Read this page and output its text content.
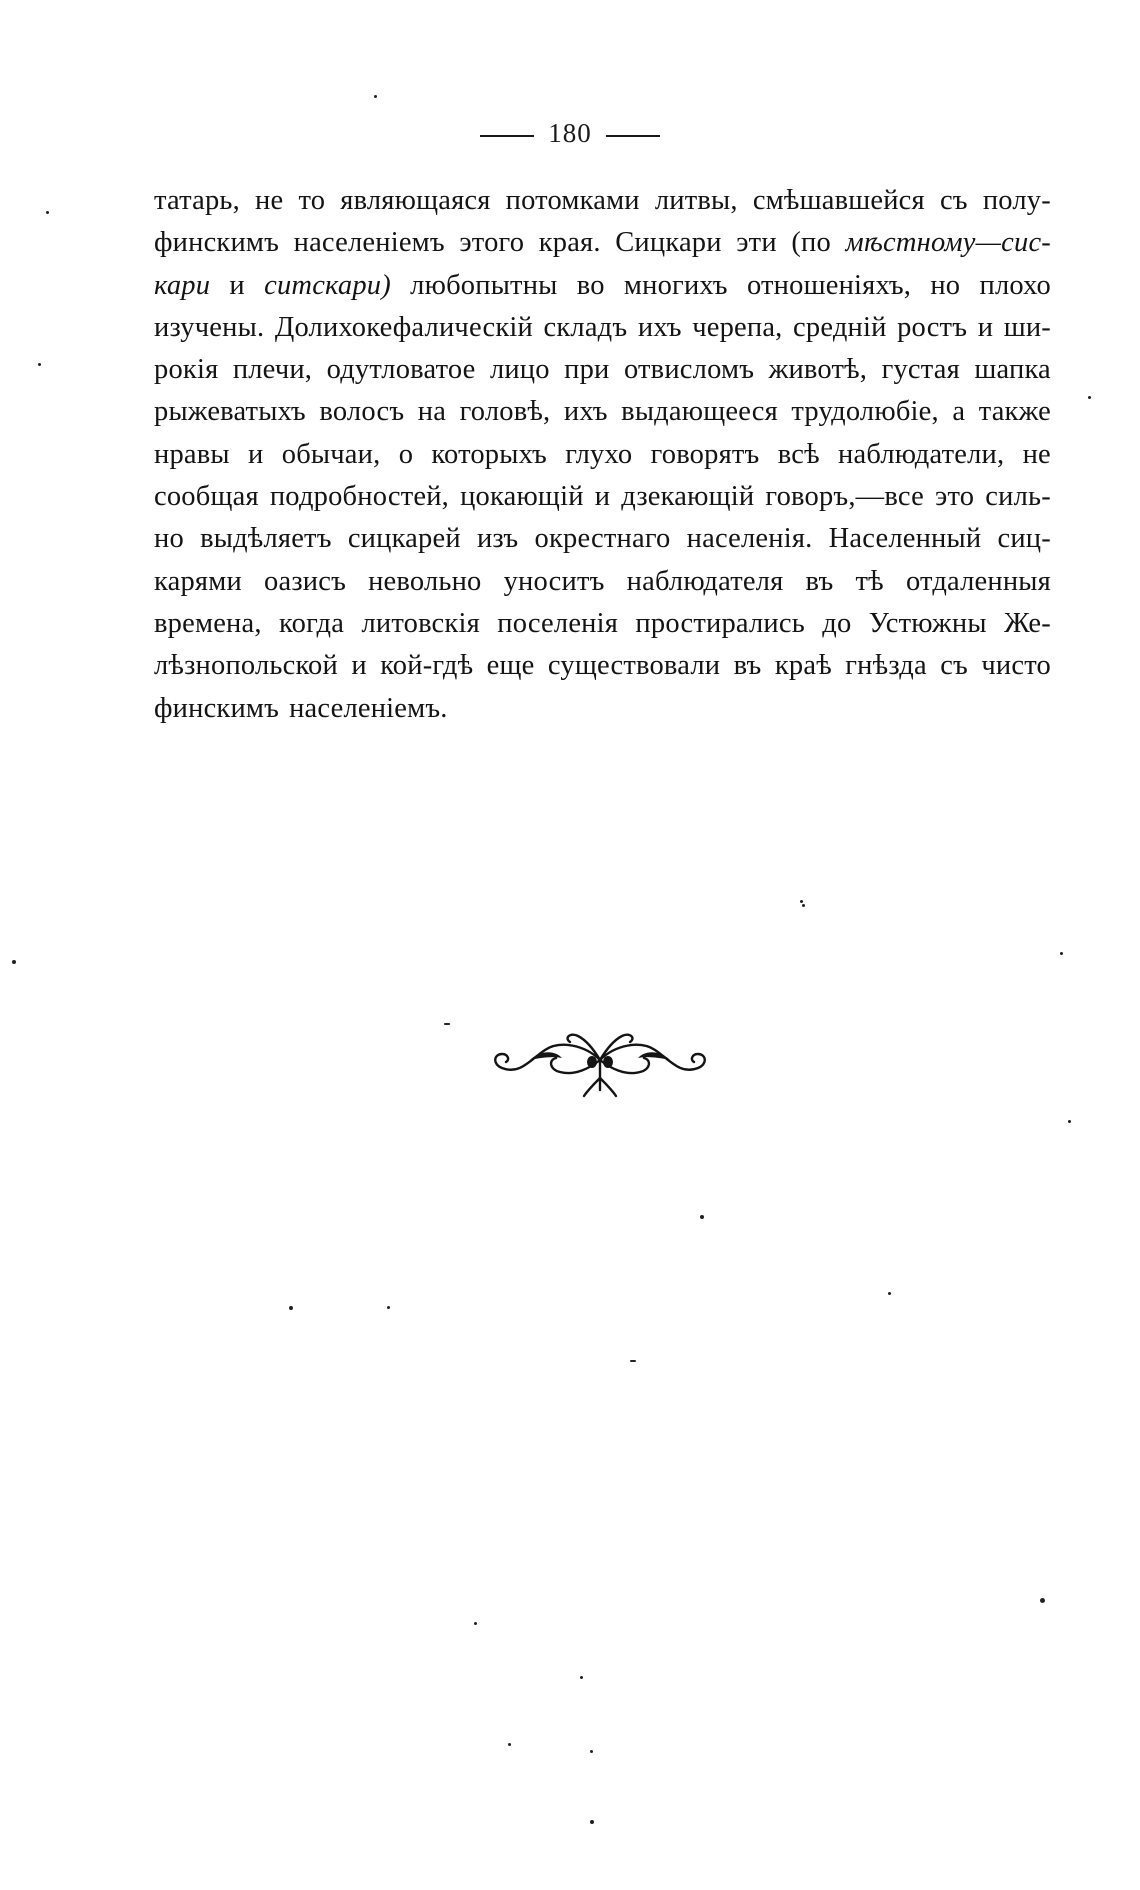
180
татарь, не то являющаяся потомками литвы, смѣшавшейся съ полу-
финскимъ населеніемъ этого края. Сицкари эти (по мѣстному—сис-
кари и ситскари) любопытны во многихъ отношеніяхъ, но плохо
изучены. Долихокефалическій складъ ихъ черепа, средній ростъ и ши-
рокія плечи, одутловатое лицо при отвисломъ животѣ, густая шапка
рыжеватыхъ волосъ на головѣ, ихъ выдающееся трудолюбіе, а также
нравы и обычаи, о которыхъ глухо говорятъ всѣ наблюдатели, не
сообщая подробностей, цокающій и дзекающій говоръ,—все это силь-
но выдѣляетъ сицкарей изъ окрестнаго населенія. Населенный сиц-
карями оазисъ невольно уноситъ наблюдателя въ тѣ отдаленныя
времена, когда литовскія поселенія простирались до Устюжны Же-
лѣзнопольской и кой-гдѣ еще существовали въ краѣ гнѣзда съ чисто
финскимъ населеніемъ.
